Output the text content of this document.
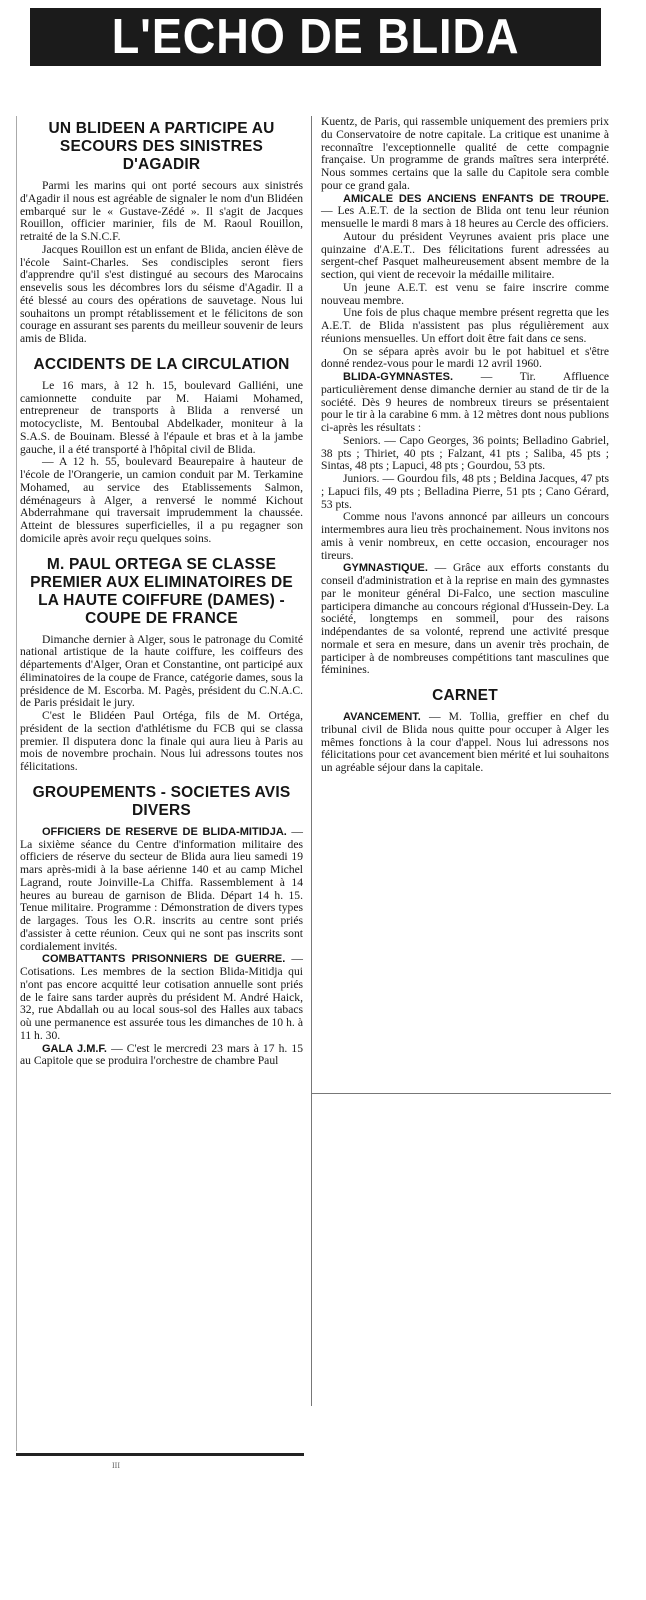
L'ECHO DE BLIDA
UN BLIDEEN A PARTICIPE AU SECOURS DES SINISTRES D'AGADIR

Parmi les marins qui ont porté secours aux sinistrés d'Agadir il nous est agréable de signaler le nom d'un Blidéen embarqué sur le « Gustave-Zédé ». Il s'agit de Jacques Rouillon, officier marinier, fils de M. Raoul Rouillon, retraité de la S.N.C.F.

Jacques Rouillon est un enfant de Blida, ancien élève de l'école Saint-Charles. Ses condisciples seront fiers d'apprendre qu'il s'est distingué au secours des Marocains ensevelis sous les décombres lors du séisme d'Agadir. Il a été blessé au cours des opérations de sauvetage. Nous lui souhaitons un prompt rétablissement et le félicitons de son courage en assurant ses parents du meilleur souvenir de leurs amis de Blida.

ACCIDENTS DE LA CIRCULATION

Le 16 mars, à 12 h. 15, boulevard Galliéni, une camionnette conduite par M. Haiami Mohamed, entrepreneur de transports à Blida a renversé un motocycliste, M. Bentoubal Abdelkader, moniteur à la S.A.S. de Bouinam. Blessé à l'épaule et bras et à la jambe gauche, il a été transporté à l'hôpital civil de Blida.

— A 12 h. 55, boulevard Beaurepaire à hauteur de l'école de l'Orangerie, un camion conduit par M. Terkamine Mohamed, au service des Etablissements Salmon, déménageurs à Alger, a renversé le nommé Kichout Abderrahmane qui traversait imprudemment la chaussée. Atteint de blessures superficielles, il a pu regagner son domicile après avoir reçu quelques soins.

M. PAUL ORTEGA SE CLASSE PREMIER AUX ELIMINATOIRES DE LA HAUTE COIFFURE (DAMES) - COUPE DE FRANCE

Dimanche dernier à Alger, sous le patronage du Comité national artistique de la haute coiffure, les coiffeurs des départements d'Alger, Oran et Constantine, ont participé aux éliminatoires de la coupe de France, catégorie dames, sous la présidence de M. Escorba. M. Pagès, président du C.N.A.C. de Paris présidait le jury.

C'est le Blidéen Paul Ortéga, fils de M. Ortéga, président de la section d'athlétisme du FCB qui se classa premier. Il disputera donc la finale qui aura lieu à Paris au mois de novembre prochain. Nous lui adressons toutes nos félicitations.

GROUPEMENTS - SOCIETES AVIS DIVERS

OFFICIERS DE RESERVE DE BLIDA-MITIDJA. — La sixième séance du Centre d'information militaire des officiers de réserve du secteur de Blida aura lieu samedi 19 mars après-midi à la base aérienne 140 et au camp Michel Lagrand, route Joinville-La Chiffa. Rassemblement à 14 heures au bureau de garnison de Blida. Départ 14 h. 15. Tenue militaire. Programme : Démonstration de divers types de largages. Tous les O.R. inscrits au centre sont priés d'assister à cette réunion. Ceux qui ne sont pas inscrits sont cordialement invités.

COMBATTANTS PRISONNIERS DE GUERRE. — Cotisations. Les membres de la section Blida-Mitidja qui n'ont pas encore acquitté leur cotisation annuelle sont priés de le faire sans tarder auprès du président M. André Haick, 32, rue Abdallah ou au local sous-sol des Halles aux tabacs où une permanence est assurée tous les dimanches de 10 h. à 11 h. 30.

GALA J.M.F. — C'est le mercredi 23 mars à 17 h. 15 au Capitole que se produira l'orchestre de chambre Paul

Kuentz, de Paris, qui rassemble uniquement des premiers prix du Conservatoire de notre capitale. La critique est unanime à reconnaître l'exceptionnelle qualité de cette compagnie française. Un programme de grands maîtres sera interprété. Nous sommes certains que la salle du Capitole sera comble pour ce grand gala.

AMICALE DES ANCIENS ENFANTS DE TROUPE. — Les A.E.T. de la section de Blida ont tenu leur réunion mensuelle le mardi 8 mars à 18 heures au Cercle des officiers.

Autour du président Veyrunes avaient pris place une quinzaine d'A.E.T.. Des félicitations furent adressées au sergent-chef Pasquet malheureusement absent membre de la section, qui vient de recevoir la médaille militaire.

Un jeune A.E.T. est venu se faire inscrire comme nouveau membre.

Une fois de plus chaque membre présent regretta que les A.E.T. de Blida n'assistent pas plus régulièrement aux réunions mensuelles. Un effort doit être fait dans ce sens.

On se sépara après avoir bu le pot habituel et s'être donné rendez-vous pour le mardi 12 avril 1960.

BLIDA-GYMNASTES. — Tir. Affluence particulièrement dense dimanche dernier au stand de tir de la société. Dès 9 heures de nombreux tireurs se présentaient pour le tir à la carabine 6 mm. à 12 mètres dont nous publions ci-après les résultats :

Seniors. — Capo Georges, 36 points; Belladino Gabriel, 38 pts ; Thiriet, 40 pts ; Falzant, 41 pts ; Saliba, 45 pts ; Sintas, 48 pts ; Lapuci, 48 pts ; Gourdou, 53 pts.

Juniors. — Gourdou fils, 48 pts ; Beldina Jacques, 47 pts ; Lapuci fils, 49 pts ; Belladina Pierre, 51 pts ; Cano Gérard, 53 pts.

Comme nous l'avons annoncé par ailleurs un concours intermembres aura lieu très prochainement. Nous invitons nos amis à venir nombreux, en cette occasion, encourager nos tireurs.

GYMNASTIQUE. — Grâce aux efforts constants du conseil d'administration et à la reprise en main des gymnastes par le moniteur général Di-Falco, une section masculine participera dimanche au concours régional d'Hussein-Dey. La société, longtemps en sommeil, pour des raisons indépendantes de sa volonté, reprend une activité presque normale et sera en mesure, dans un avenir très prochain, de participer à de nombreuses compétitions tant masculines que féminines.

CARNET

AVANCEMENT. — M. Tollia, greffier en chef du tribunal civil de Blida nous quitte pour occuper à Alger les mêmes fonctions à la cour d'appel. Nous lui adressons nos félicitations pour cet avancement bien mérité et lui souhaitons un agréable séjour dans la capitale.

III
